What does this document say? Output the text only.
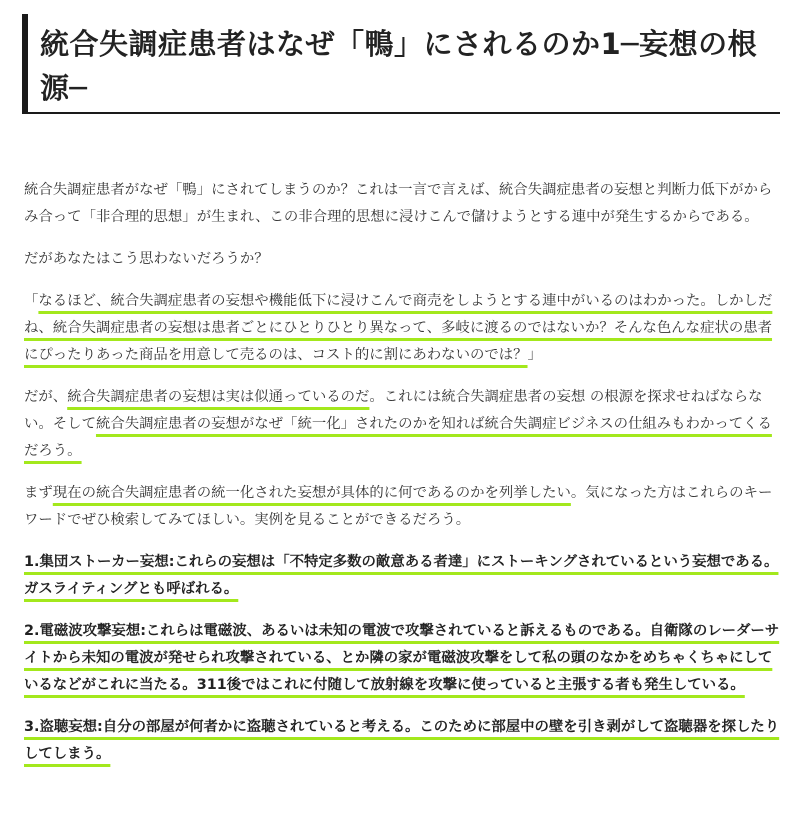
統合失調症患者はなぜ「鴨」にされるのか1─妄想の根源─

統合失調症患者がなぜ「鴨」にされてしまうのか？これは一言で言えば、統合失調症患者の妄想と判断力低下がからみ合って「非合理的思想」が生まれ、この非合理的思想に浸けこんで儲けようとする連中が発生するからである。

だがあなたはこう思わないだろうか？

「なるほど、統合失調症患者の妄想や機能低下に浸けこんで商売をしようとする連中がいるのはわかった。しかしだね、統合失調症患者の妄想は患者ごとにひとりひとり異なって、多岐に渡るのではないか？そんな色んな症状の患者にぴったりあった商品を用意して売るのは、コスト的に割にあわないのでは？」

だが、統合失調症患者の妄想は実は似通っているのだ。これには統合失調症患者の妄想 の根源を探求せねばならない。そして統合失調症患者の妄想がなぜ「統一化」されたのかを知れば統合失調症ビジネスの仕組みもわかってくるだろう。

まず現在の統合失調症患者の統一化された妄想が具体的に何であるのかを列挙したい。気になった方はこれらのキーワードでぜひ検索してみてほしい。実例を見ることができるだろう。

1.集団ストーカー妄想:これらの妄想は「不特定多数の敵意ある者達」にストーキングされているという妄想である。ガスライティングとも呼ばれる。

2.電磁波攻撃妄想:これらは電磁波、あるいは未知の電波で攻撃されていると訴えるものである。自衛隊のレーダーサイトから未知の電波が発せられ攻撃されている、とか隣の家が電磁波攻撃をして私の頭のなかをめちゃくちゃにしているなどがこれに当たる。311後ではこれに付随して放射線を攻撃に使っていると主張する者も発生している。

3.盗聴妄想:自分の部屋が何者かに盗聴されていると考える。このために部屋中の壁を引き剥がして盗聴器を探したりしてしまう。
